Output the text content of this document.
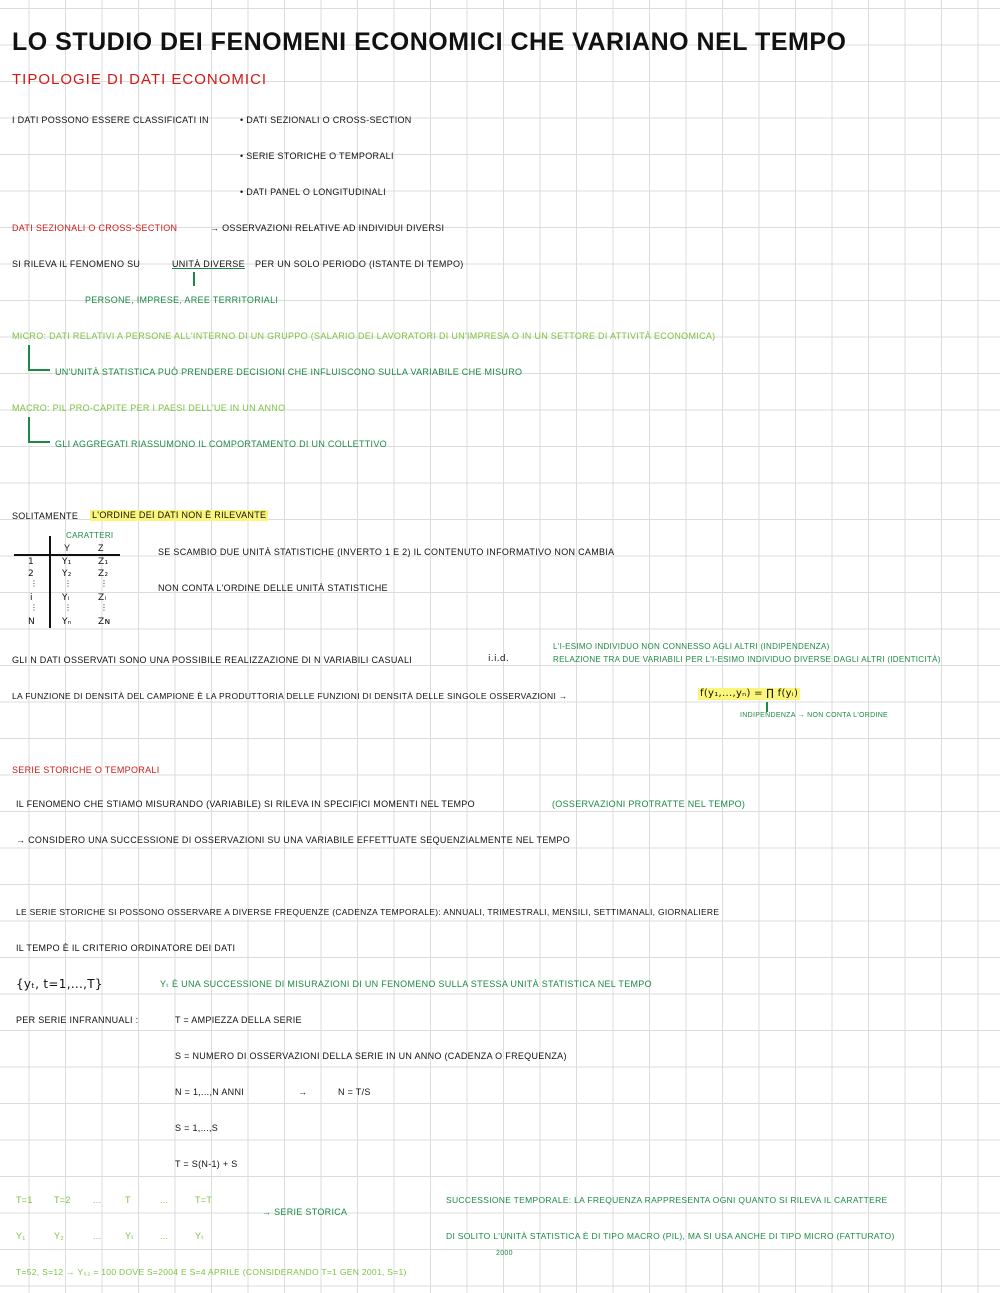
LO STUDIO DEI FENOMENI ECONOMICI CHE VARIANO NEL TEMPO
TIPOLOGIE DI DATI ECONOMICI
I DATI POSSONO ESSERE CLASSIFICATI IN	• DATI SEZIONALI O CROSS-SECTION
• SERIE STORICHE O TEMPORALI
• DATI PANEL O LONGITUDINALI
DATI SEZIONALI O CROSS-SECTION	→ OSSERVAZIONI RELATIVE AD INDIVIDUI DIVERSI
SI RILEVA IL FENOMENO SU	UNITÀ DIVERSE PER UN SOLO PERIODO (ISTANTE DI TEMPO)
PERSONE, IMPRESE, AREE TERRITORIALI
MICRO: DATI RELATIVI A PERSONE ALL'INTERNO DI UN GRUPPO (SALARIO DEI LAVORATORI DI UN'IMPRESA O IN UN SETTORE DI ATTIVITÀ ECONOMICA)
UN'UNITÀ STATISTICA PUÒ PRENDERE DECISIONI CHE INFLUISCONO SULLA VARIABILE CHE MISURO
MACRO: PIL PRO-CAPITE PER I PAESI DELL'UE IN UN ANNO
GLI AGGREGATI RIASSUMONO IL COMPORTAMENTO DI UN COLLETTIVO
SOLITAMENTE L'ORDINE DEI DATI NON È RILEVANTE
CARATTERI
Y	Z
1	Y₁	Z₁
2	Y₂	Z₂
⋮	⋮	⋮
i	Yᵢ	Zᵢ
⋮	⋮	⋮
N	Yₙ	Zɴ
SE SCAMBIO DUE UNITÀ STATISTICHE (INVERTO 1 E 2) IL CONTENUTO INFORMATIVO NON CAMBIA
NON CONTA L'ORDINE DELLE UNITÀ STATISTICHE
GLI N DATI OSSERVATI SONO UNA POSSIBILE REALIZZAZIONE DI N VARIABILI CASUALI	i.i.d.
L'I-ESIMO INDIVIDUO NON CONNESSO AGLI ALTRI (INDIPENDENZA)
RELAZIONE TRA DUE VARIABILI PER L'I-ESIMO INDIVIDUO DIVERSE DAGLI ALTRI (IDENTICITÀ)
LA FUNZIONE DI DENSITÀ DEL CAMPIONE È LA PRODUTTORIA DELLE FUNZIONI DI DENSITÀ DELLE SINGOLE OSSERVAZIONI →	f(y₁,...,yₙ) = ∏ f(yᵢ)
INDIPENDENZA → NON CONTA L'ORDINE
SERIE STORICHE O TEMPORALI
IL FENOMENO CHE STIAMO MISURANDO (VARIABILE) SI RILEVA IN SPECIFICI MOMENTI NEL TEMPO	(OSSERVAZIONI PROTRATTE NEL TEMPO)
→ CONSIDERO UNA SUCCESSIONE DI OSSERVAZIONI SU UNA VARIABILE EFFETTUATE SEQUENZIALMENTE NEL TEMPO
LE SERIE STORICHE SI POSSONO OSSERVARE A DIVERSE FREQUENZE (CADENZA TEMPORALE): ANNUALI, TRIMESTRALI, MENSILI, SETTIMANALI, GIORNALIERE
IL TEMPO È IL CRITERIO ORDINATORE DEI DATI
{yₜ, t=1,...,T}	Yₜ È UNA SUCCESSIONE DI MISURAZIONI DI UN FENOMENO SULLA STESSA UNITÀ STATISTICA NEL TEMPO
PER SERIE INFRANNUALI :	T = AMPIEZZA DELLA SERIE
S = NUMERO DI OSSERVAZIONI DELLA SERIE IN UN ANNO (CADENZA O FREQUENZA)
N = 1,...,N ANNI	→	N = T/S
S = 1,...,S
T = S(N-1) + S
T=1 T=2 ...	T	...	T=T
Y₁	Y₂	...	Yₜ	...	Yₜ
→ SERIE STORICA
SUCCESSIONE TEMPORALE: LA FREQUENZA RAPPRESENTA OGNI QUANTO SI RILEVA IL CARATTERE
DI SOLITO L'UNITÀ STATISTICA È DI TIPO MACRO (PIL), MA SI USA ANCHE DI TIPO MICRO (FATTURATO)
2000
T=52, S=12 → Y₅₂ = 100 DOVE S=2004 E S=4 APRILE (CONSIDERANDO T=1 GEN 2001, S=1)
